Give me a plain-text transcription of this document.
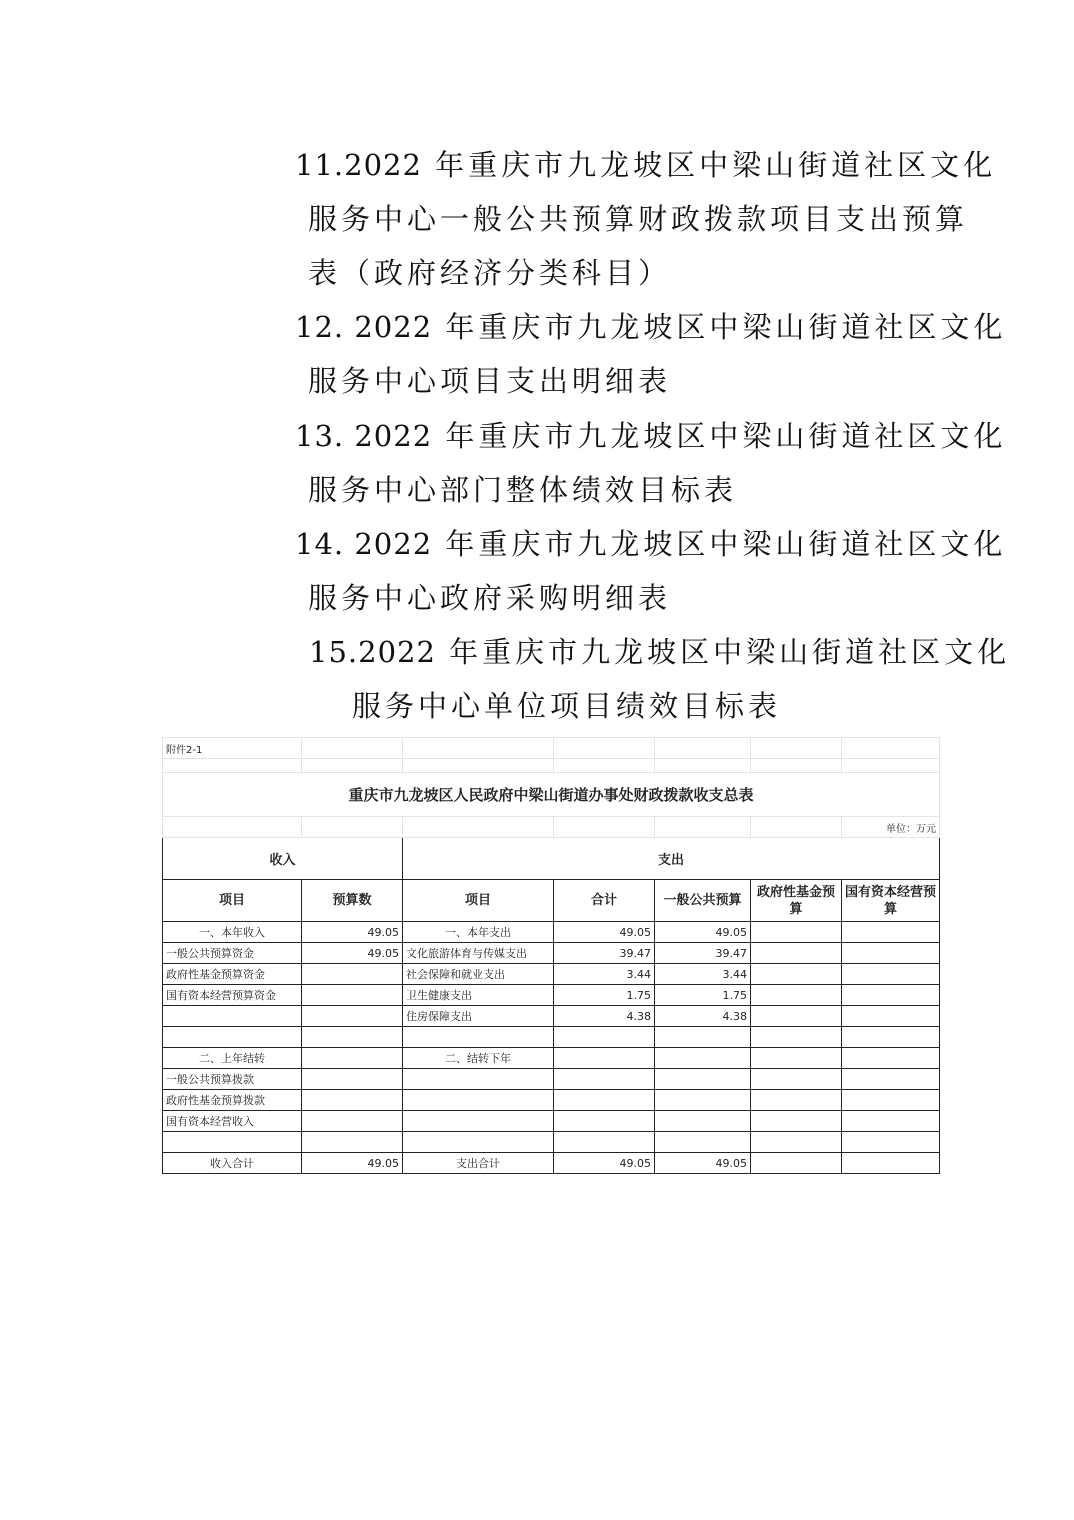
11.2022 年重庆市九龙坡区中梁山街道社区文化
服务中心一般公共预算财政拨款项目支出预算
表（政府经济分类科目）
12. 2022 年重庆市九龙坡区中梁山街道社区文化
服务中心项目支出明细表
13. 2022 年重庆市九龙坡区中梁山街道社区文化
服务中心部门整体绩效目标表
14. 2022 年重庆市九龙坡区中梁山街道社区文化
服务中心政府采购明细表
15.2022 年重庆市九龙坡区中梁山街道社区文化
服务中心单位项目绩效目标表
附件2-1						

重庆市九龙坡区人民政府中梁山街道办事处财政拨款收支总表						
						单位：万元
收入		支出				
项目	预算数	项目	合计	一般公共预算	政府性基金预算	国有资本经营预算
一、本年收入	49.05	一、本年支出	49.05	49.05		
一般公共预算资金	49.05	文化旅游体育与传媒支出	39.47	39.47		
政府性基金预算资金		社会保障和就业支出	3.44	3.44		
国有资本经营预算资金		卫生健康支出	1.75	1.75		
		住房保障支出	4.38	4.38		

二、上年结转		二、结转下年				
一般公共预算拨款						
政府性基金预算拨款						
国有资本经营收入						

收入合计	49.05	支出合计	49.05	49.05		
